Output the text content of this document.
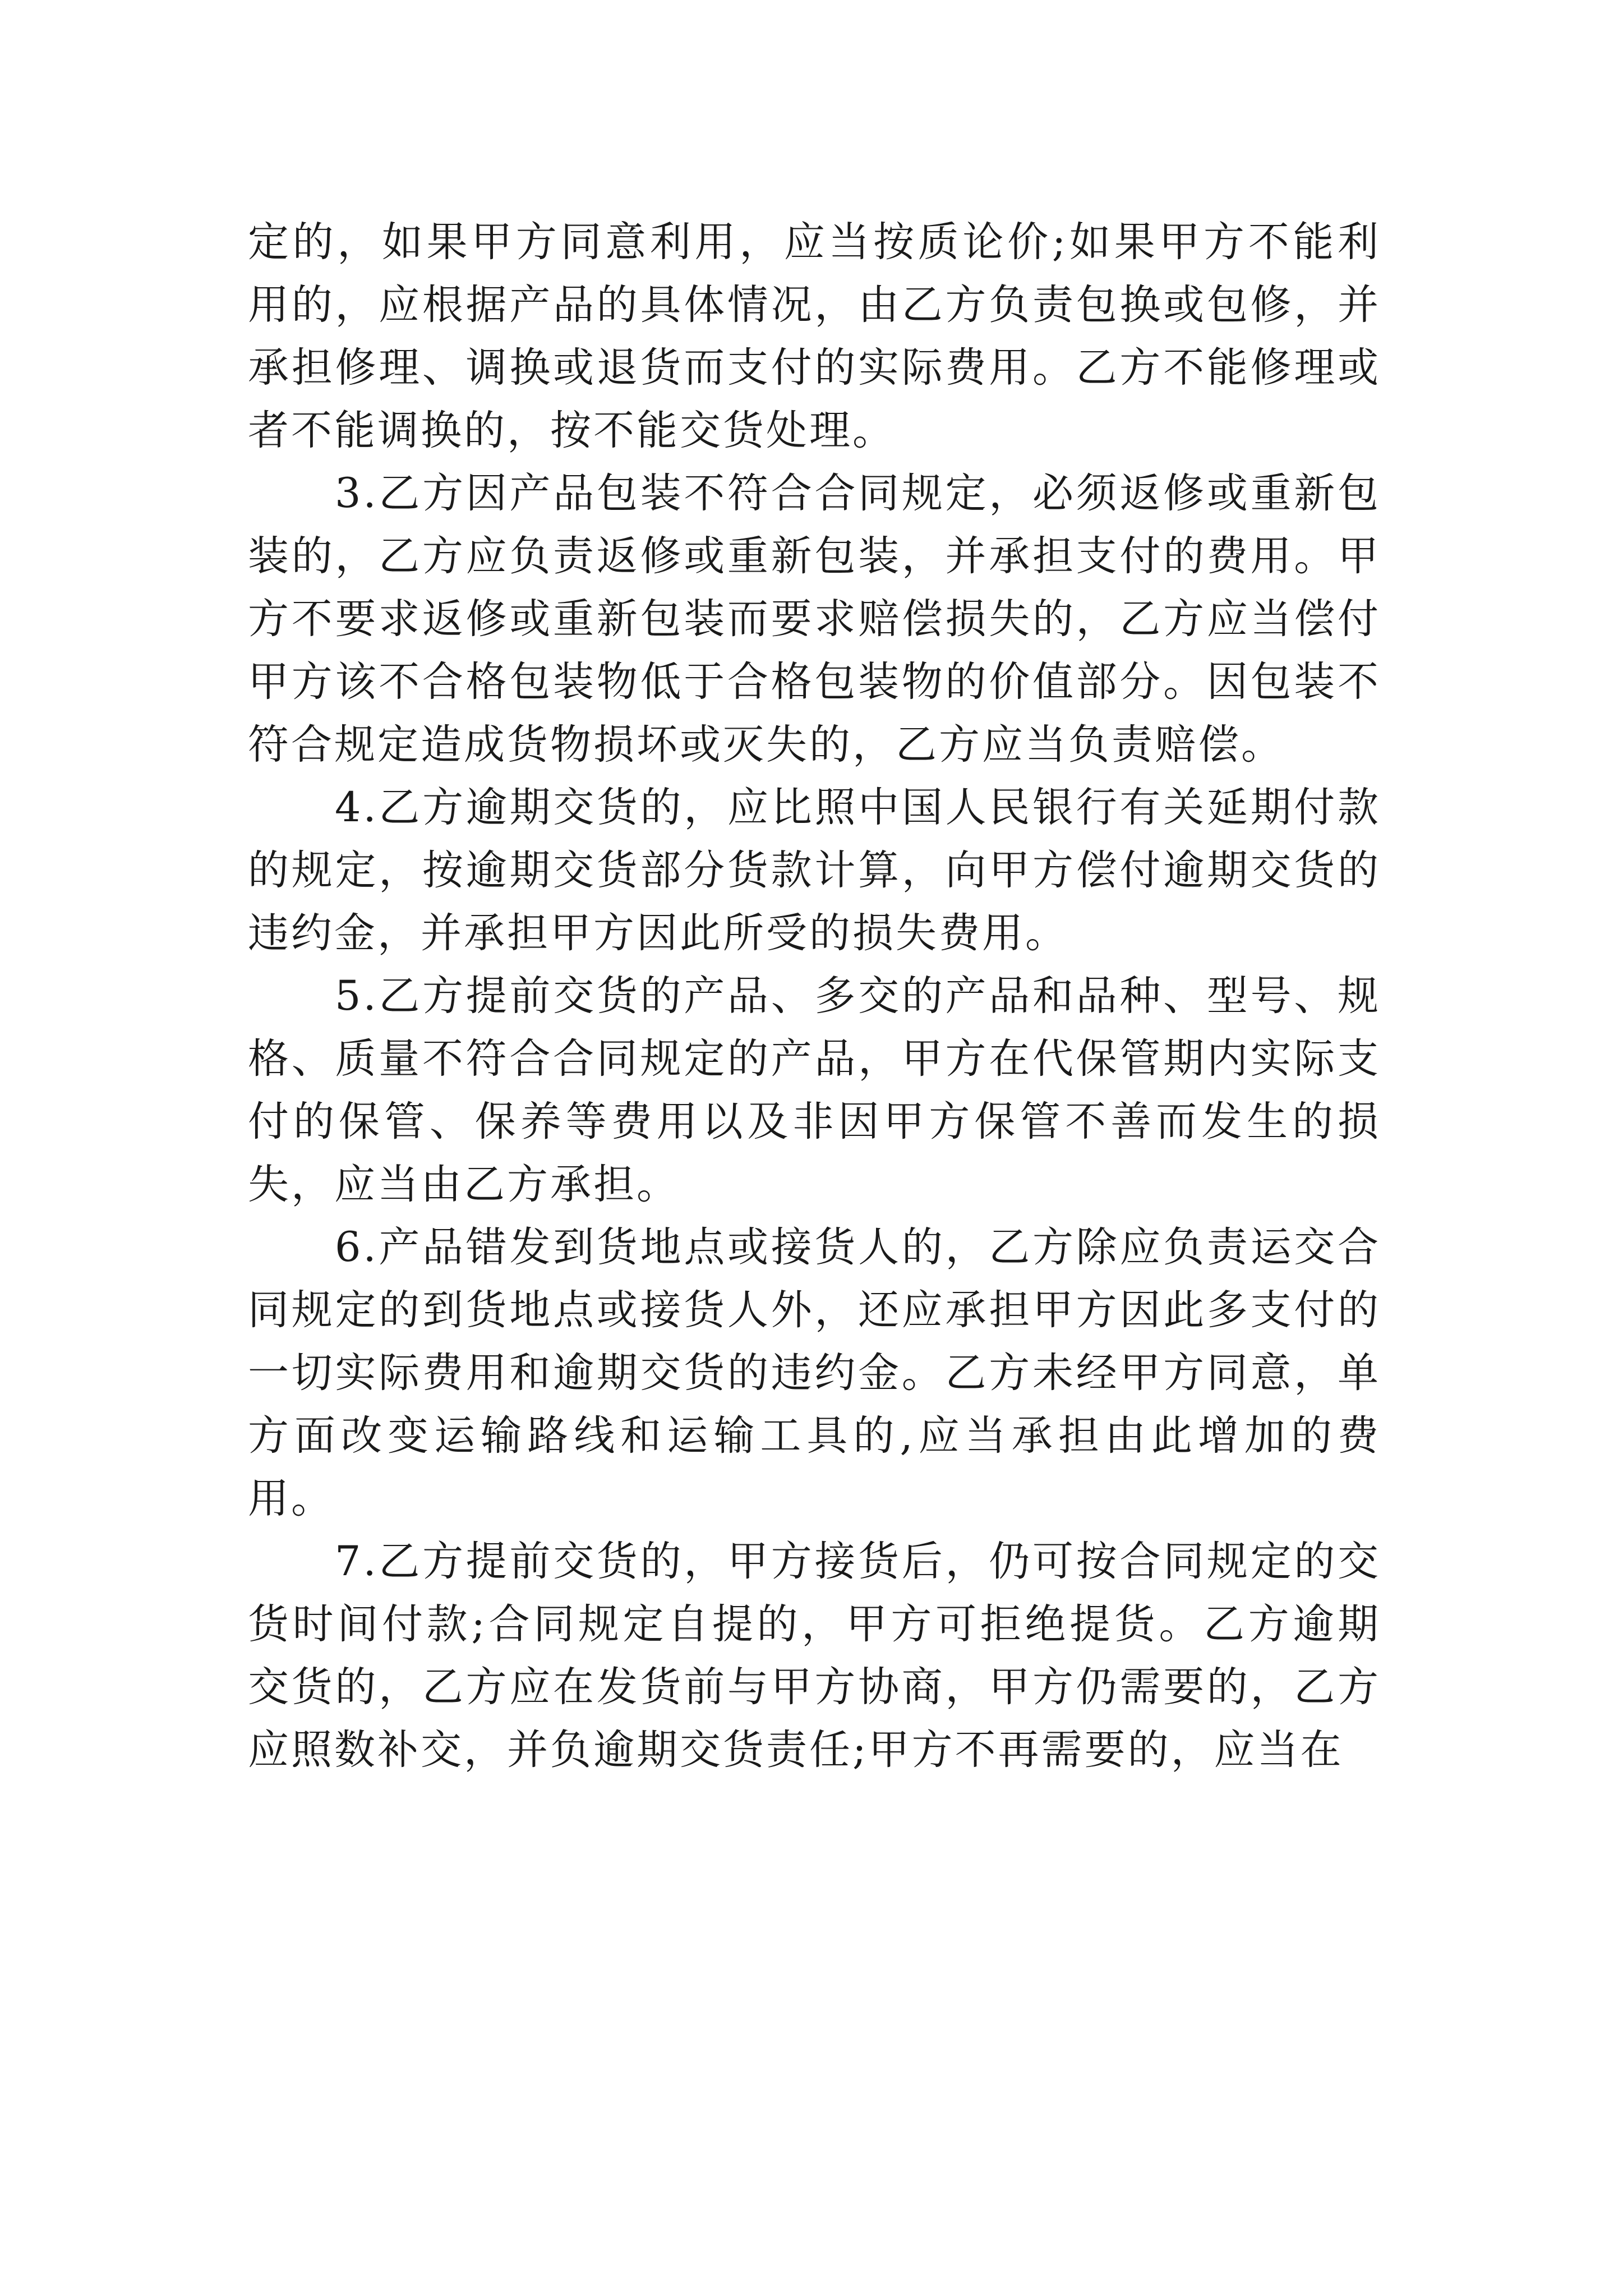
定的，如果甲方同意利用，应当按质论价;如果甲方不能利用的，应根据产品的具体情况，由乙方负责包换或包修，并承担修理、调换或退货而支付的实际费用。乙方不能修理或者不能调换的，按不能交货处理。

3.乙方因产品包装不符合合同规定，必须返修或重新包装的，乙方应负责返修或重新包装，并承担支付的费用。甲方不要求返修或重新包装而要求赔偿损失的，乙方应当偿付甲方该不合格包装物低于合格包装物的价值部分。因包装不符合规定造成货物损坏或灭失的，乙方应当负责赔偿。

4.乙方逾期交货的，应比照中国人民银行有关延期付款的规定，按逾期交货部分货款计算，向甲方偿付逾期交货的违约金，并承担甲方因此所受的损失费用。

5.乙方提前交货的产品、多交的产品和品种、型号、规格、质量不符合合同规定的产品，甲方在代保管期内实际支付的保管、保养等费用以及非因甲方保管不善而发生的损失，应当由乙方承担。

6.产品错发到货地点或接货人的，乙方除应负责运交合同规定的到货地点或接货人外，还应承担甲方因此多支付的一切实际费用和逾期交货的违约金。乙方未经甲方同意，单方面改变运输路线和运输工具的,应当承担由此增加的费用。

7.乙方提前交货的，甲方接货后，仍可按合同规定的交货时间付款;合同规定自提的，甲方可拒绝提货。乙方逾期交货的，乙方应在发货前与甲方协商，甲方仍需要的，乙方应照数补交，并负逾期交货责任;甲方不再需要的，应当在
